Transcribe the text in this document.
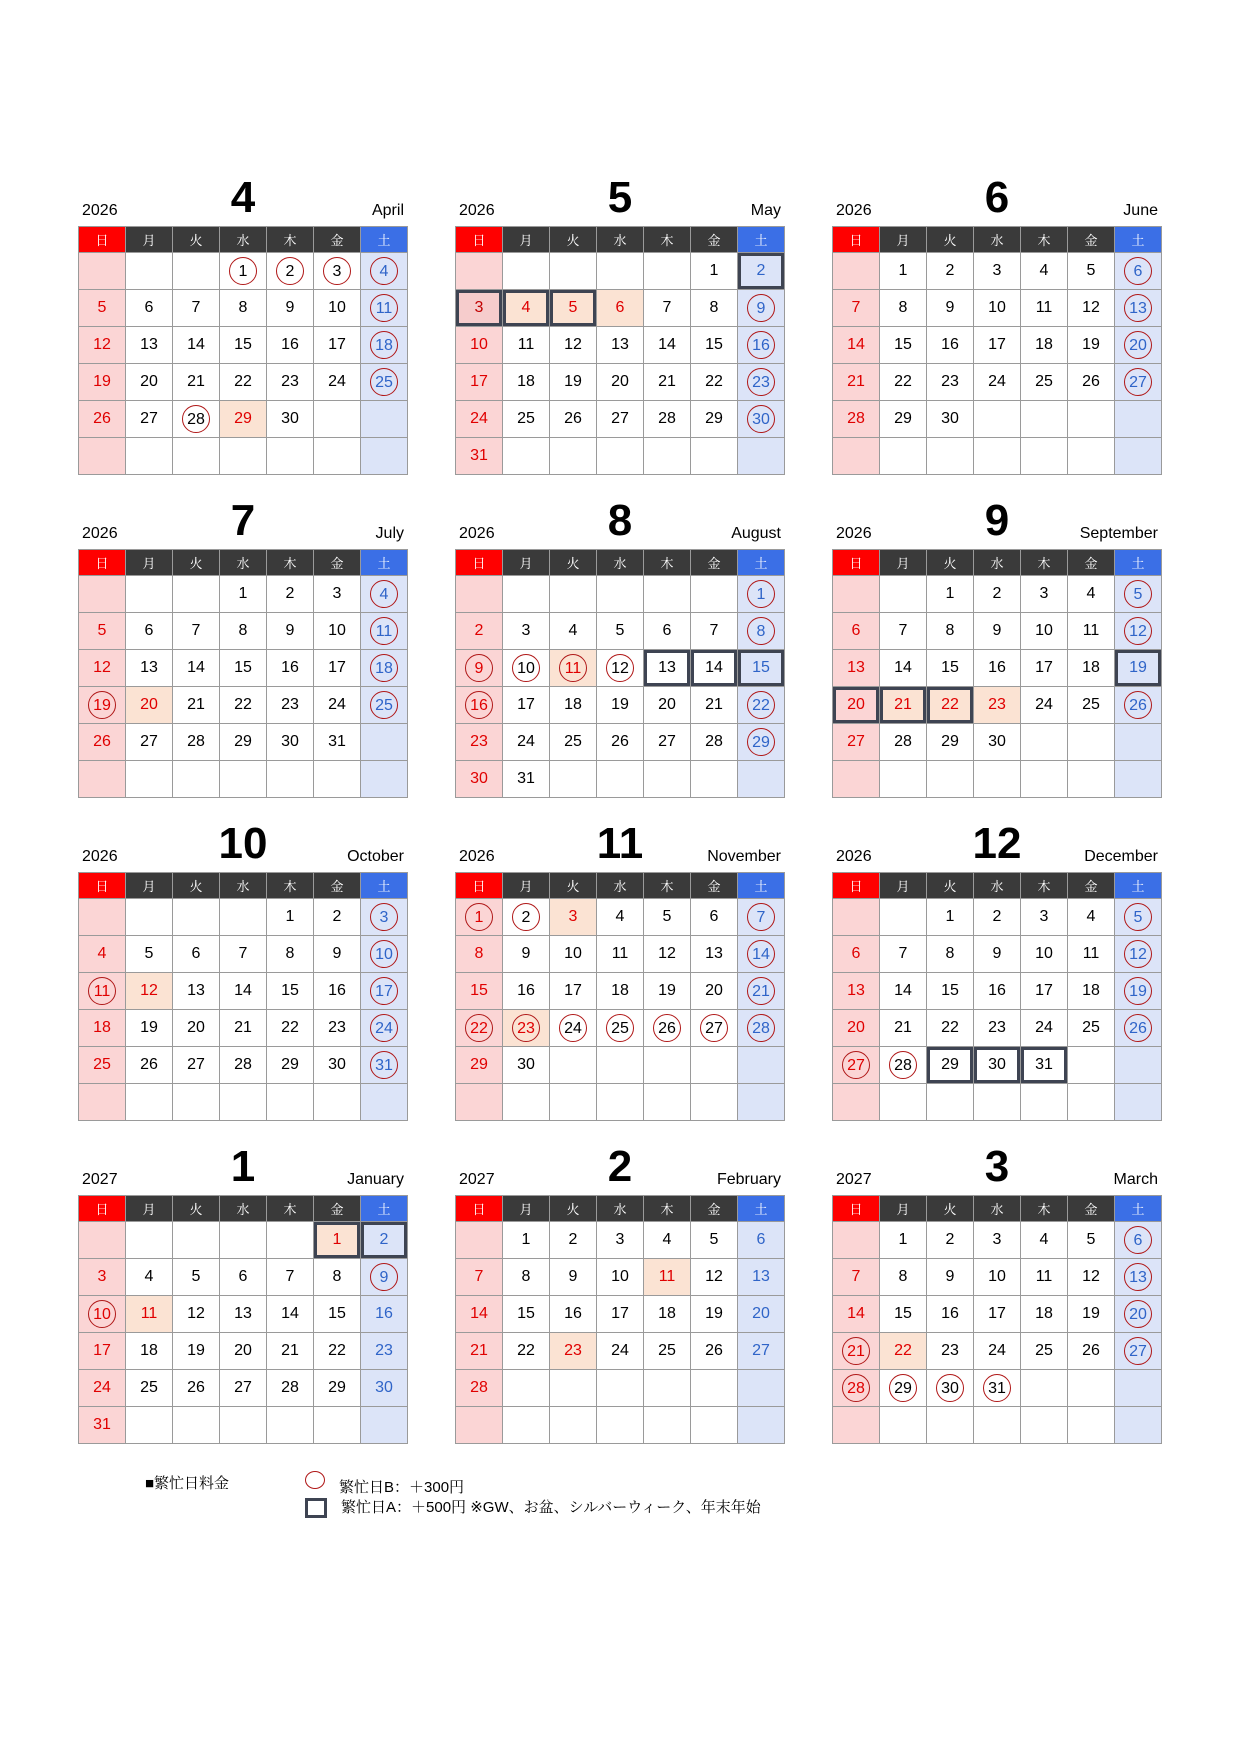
2026	4	April
日	月	火	水	木	金	土
			1	2	3	4
5	6	7	8	9	10	11
12	13	14	15	16	17	18
19	20	21	22	23	24	25
26	27	28	29	30		

2026	5	May
日	月	火	水	木	金	土
					1	2
3	4	5	6	7	8	9
10	11	12	13	14	15	16
17	18	19	20	21	22	23
24	25	26	27	28	29	30
31						
2026	6	June
日	月	火	水	木	金	土
	1	2	3	4	5	6
7	8	9	10	11	12	13
14	15	16	17	18	19	20
21	22	23	24	25	26	27
28	29	30				

2026	7	July
日	月	火	水	木	金	土
			1	2	3	4
5	6	7	8	9	10	11
12	13	14	15	16	17	18
19	20	21	22	23	24	25
26	27	28	29	30	31	

2026	8	August
日	月	火	水	木	金	土
						1
2	3	4	5	6	7	8
9	10	11	12	13	14	15
16	17	18	19	20	21	22
23	24	25	26	27	28	29
30	31					
2026	9	September
日	月	火	水	木	金	土
		1	2	3	4	5
6	7	8	9	10	11	12
13	14	15	16	17	18	19
20	21	22	23	24	25	26
27	28	29	30			

2026	10	October
日	月	火	水	木	金	土
				1	2	3
4	5	6	7	8	9	10
11	12	13	14	15	16	17
18	19	20	21	22	23	24
25	26	27	28	29	30	31

2026	11	November
日	月	火	水	木	金	土
1	2	3	4	5	6	7
8	9	10	11	12	13	14
15	16	17	18	19	20	21
22	23	24	25	26	27	28
29	30					

2026	12	December
日	月	火	水	木	金	土
		1	2	3	4	5
6	7	8	9	10	11	12
13	14	15	16	17	18	19
20	21	22	23	24	25	26
27	28	29	30	31		

2027	1	January
日	月	火	水	木	金	土
					1	2
3	4	5	6	7	8	9
10	11	12	13	14	15	16
17	18	19	20	21	22	23
24	25	26	27	28	29	30
31						
2027	2	February
日	月	火	水	木	金	土
	1	2	3	4	5	6
7	8	9	10	11	12	13
14	15	16	17	18	19	20
21	22	23	24	25	26	27
28						

2027	3	March
日	月	火	水	木	金	土
	1	2	3	4	5	6
7	8	9	10	11	12	13
14	15	16	17	18	19	20
21	22	23	24	25	26	27
28	29	30	31			

■繁忙日料金	繁忙日B：＋300円
繁忙日A：＋500円 ※GW、お盆、シルバーウィーク、年末年始
